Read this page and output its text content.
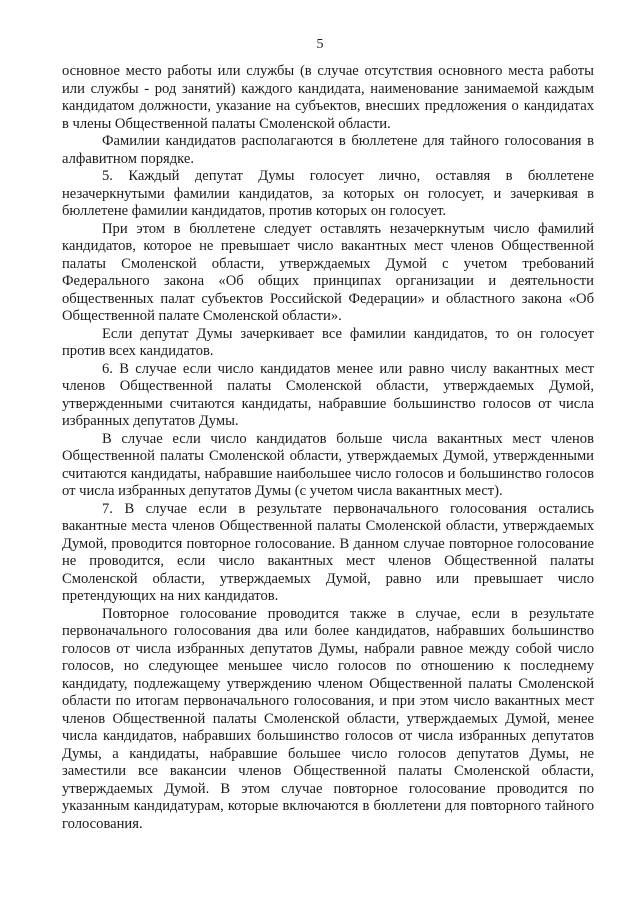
5

основное место работы или службы (в случае отсутствия основного места работы или службы - род занятий) каждого кандидата, наименование занимаемой каждым кандидатом должности, указание на субъектов, внесших предложения о кандидатах в члены Общественной палаты Смоленской области.

Фамилии кандидатов располагаются в бюллетене для тайного голосования в алфавитном порядке.

5. Каждый депутат Думы голосует лично, оставляя в бюллетене незачеркнутыми фамилии кандидатов, за которых он голосует, и зачеркивая в бюллетене фамилии кандидатов, против которых он голосует.

При этом в бюллетене следует оставлять незачеркнутым число фамилий кандидатов, которое не превышает число вакантных мест членов Общественной палаты Смоленской области, утверждаемых Думой с учетом требований Федерального закона «Об общих принципах организации и деятельности общественных палат субъектов Российской Федерации» и областного закона «Об Общественной палате Смоленской области».

Если депутат Думы зачеркивает все фамилии кандидатов, то он голосует против всех кандидатов.

6. В случае если число кандидатов менее или равно числу вакантных мест членов Общественной палаты Смоленской области, утверждаемых Думой, утвержденными считаются кандидаты, набравшие большинство голосов от числа избранных депутатов Думы.

В случае если число кандидатов больше числа вакантных мест членов Общественной палаты Смоленской области, утверждаемых Думой, утвержденными считаются кандидаты, набравшие наибольшее число голосов и большинство голосов от числа избранных депутатов Думы (с учетом числа вакантных мест).

7. В случае если в результате первоначального голосования остались вакантные места членов Общественной палаты Смоленской области, утверждаемых Думой, проводится повторное голосование. В данном случае повторное голосование не проводится, если число вакантных мест членов Общественной палаты Смоленской области, утверждаемых Думой, равно или превышает число претендующих на них кандидатов.

Повторное голосование проводится также в случае, если в результате первоначального голосования два или более кандидатов, набравших большинство голосов от числа избранных депутатов Думы, набрали равное между собой число голосов, но следующее меньшее число голосов по отношению к последнему кандидату, подлежащему утверждению членом Общественной палаты Смоленской области по итогам первоначального голосования, и при этом число вакантных мест членов Общественной палаты Смоленской области, утверждаемых Думой, менее числа кандидатов, набравших большинство голосов от числа избранных депутатов Думы, а кандидаты, набравшие большее число голосов депутатов Думы, не заместили все вакансии членов Общественной палаты Смоленской области, утверждаемых Думой. В этом случае повторное голосование проводится по указанным кандидатурам, которые включаются в бюллетени для повторного тайного голосования.
